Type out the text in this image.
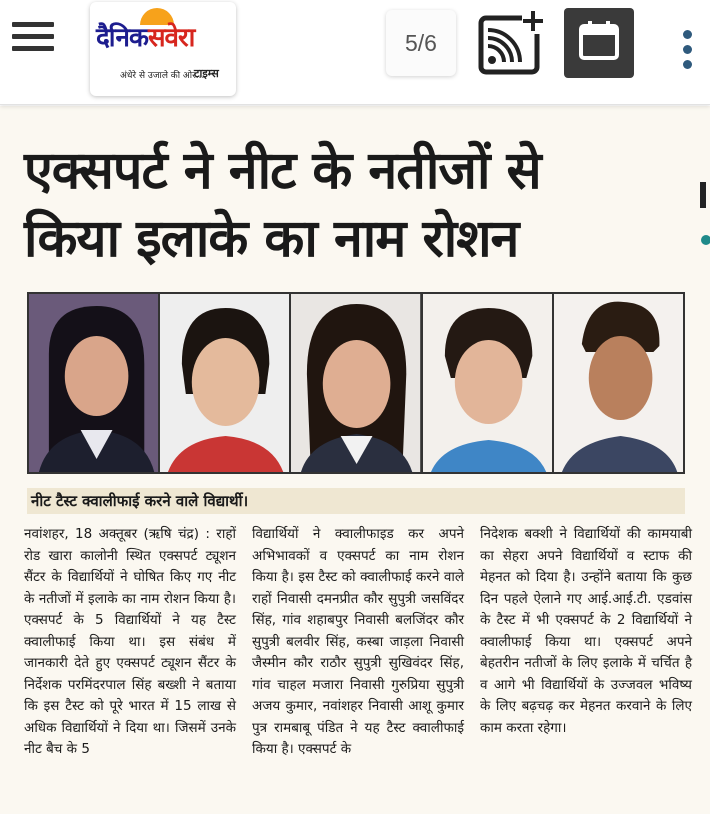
दैनिकसवेरा
अंधेरे से उजाले की ओर...
टाइम्स
5/6
एक्सपर्ट ने नीट के नतीजों से
किया इलाके का नाम रोशन
नीट टैस्ट क्वालीफाई करने वाले विद्यार्थी।

नवांशहर, 18 अक्तूबर (ऋषि चंद्र) : राहों रोड खारा कालोनी स्थित एक्सपर्ट ट्यूशन सैंटर के विद्यार्थियों ने घोषित किए गए नीट के नतीजों में इलाके का नाम रोशन किया है। एक्सपर्ट के 5 विद्यार्थियों ने यह टैस्ट क्वालीफाई किया था। इस संबंध में जानकारी देते हुए एक्सपर्ट ट्यूशन सैंटर के निर्देशक परमिंदरपाल सिंह बख्शी ने बताया कि इस टैस्ट को पूरे भारत में 15 लाख से अधिक विद्यार्थियों ने दिया था। जिसमें उनके नीट बैच के 5

विद्यार्थियों ने क्वालीफाइड कर अपने अभिभावकों व एक्सपर्ट का नाम रोशन किया है। इस टैस्ट को क्वालीफाई करने वाले राहों निवासी दमनप्रीत कौर सुपुत्री जसविंदर सिंह, गांव शहाबपुर निवासी बलजिंदर कौर सुपुत्री बलवीर सिंह, कस्बा जाड़ला निवासी जैस्मीन कौर राठौर सुपुत्री सुखिवंदर सिंह, गांव चाहल मजारा निवासी गुरुप्रिया सुपुत्री अजय कुमार, नवांशहर निवासी आशू कुमार पुत्र रामबाबू पंडित ने यह टैस्ट क्वालीफाई किया है। एक्सपर्ट के

निदेशक बक्शी ने विद्यार्थियों की कामयाबी का सेहरा अपने विद्यार्थियों व स्टाफ की मेहनत को दिया है। उन्होंने बताया कि कुछ दिन पहले ऐलाने गए आई.आई.टी. एडवांस के टैस्ट में भी एक्सपर्ट के 2 विद्यार्थियों ने क्वालीफाई किया था। एक्सपर्ट अपने बेहतरीन नतीजों के लिए इलाके में चर्चित है व आगे भी विद्यार्थियों के उज्जवल भविष्य के लिए बढ़चढ़ कर मेहनत करवाने के लिए काम करता रहेगा।
